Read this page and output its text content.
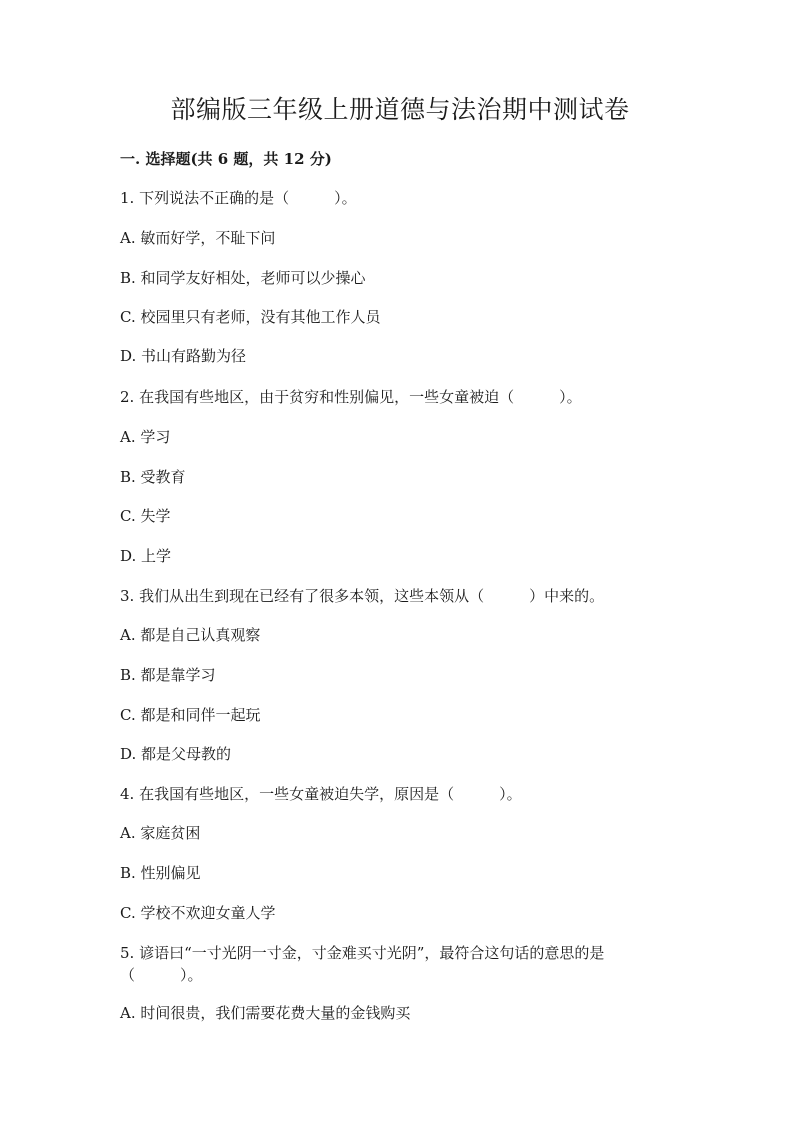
部编版三年级上册道德与法治期中测试卷
一. 选择题(共 6 题，共 12 分)
1. 下列说法不正确的是（　　　）。
A. 敏而好学，不耻下问
B. 和同学友好相处，老师可以少操心
C. 校园里只有老师，没有其他工作人员
D. 书山有路勤为径
2. 在我国有些地区，由于贫穷和性别偏见，一些女童被迫（　　　）。
A. 学习
B. 受教育
C. 失学
D. 上学
3. 我们从出生到现在已经有了很多本领，这些本领从（　　　）中来的。
A. 都是自己认真观察
B. 都是靠学习
C. 都是和同伴一起玩
D. 都是父母教的
4. 在我国有些地区，一些女童被迫失学，原因是（　　　）。
A. 家庭贫困
B. 性别偏见
C. 学校不欢迎女童人学
5. 谚语曰“一寸光阴一寸金，寸金难买寸光阴”，最符合这句话的意思的是（　　　）。
A. 时间很贵，我们需要花费大量的金钱购买
